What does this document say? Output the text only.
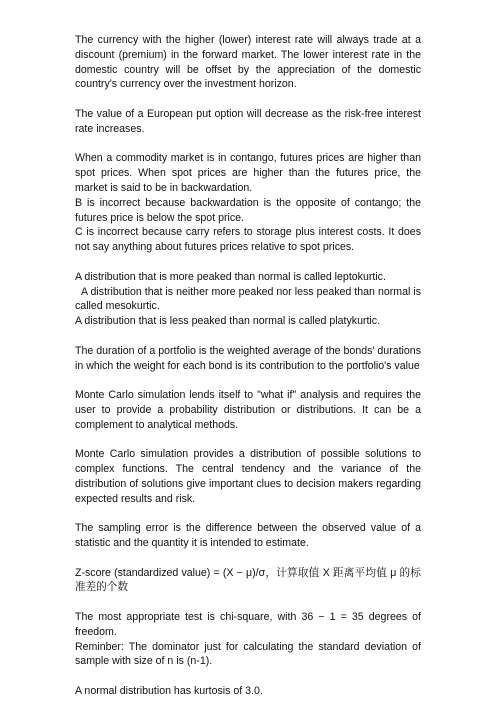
The currency with the higher (lower) interest rate will always trade at a discount (premium) in the forward market. The lower interest rate in the domestic country will be offset by the appreciation of the domestic country's currency over the investment horizon.
The value of a European put option will decrease as the risk-free interest rate increases.
When a commodity market is in contango, futures prices are higher than spot prices. When spot prices are higher than the futures price, the market is said to be in backwardation.
B is incorrect because backwardation is the opposite of contango; the futures price is below the spot price.
C is incorrect because carry refers to storage plus interest costs. It does not say anything about futures prices relative to spot prices.
A distribution that is more peaked than normal is called leptokurtic.
A distribution that is neither more peaked nor less peaked than normal is called mesokurtic.
A distribution that is less peaked than normal is called platykurtic.
The duration of a portfolio is the weighted average of the bonds' durations in which the weight for each bond is its contribution to the portfolio's value
Monte Carlo simulation lends itself to "what if" analysis and requires the user to provide a probability distribution or distributions. It can be a complement to analytical methods.
Monte Carlo simulation provides a distribution of possible solutions to complex functions. The central tendency and the variance of the distribution of solutions give important clues to decision makers regarding expected results and risk.
The sampling error is the difference between the observed value of a statistic and the quantity it is intended to estimate.
Z-score (standardized value) = (X − μ)/σ，计算取值 X 距离平均值 μ 的标准差的个数
The most appropriate test is chi-square, with 36 − 1 = 35 degrees of freedom.
Reminber: The dominator just for calculating the standard deviation of sample with size of n is (n-1).
A normal distribution has kurtosis of 3.0.
